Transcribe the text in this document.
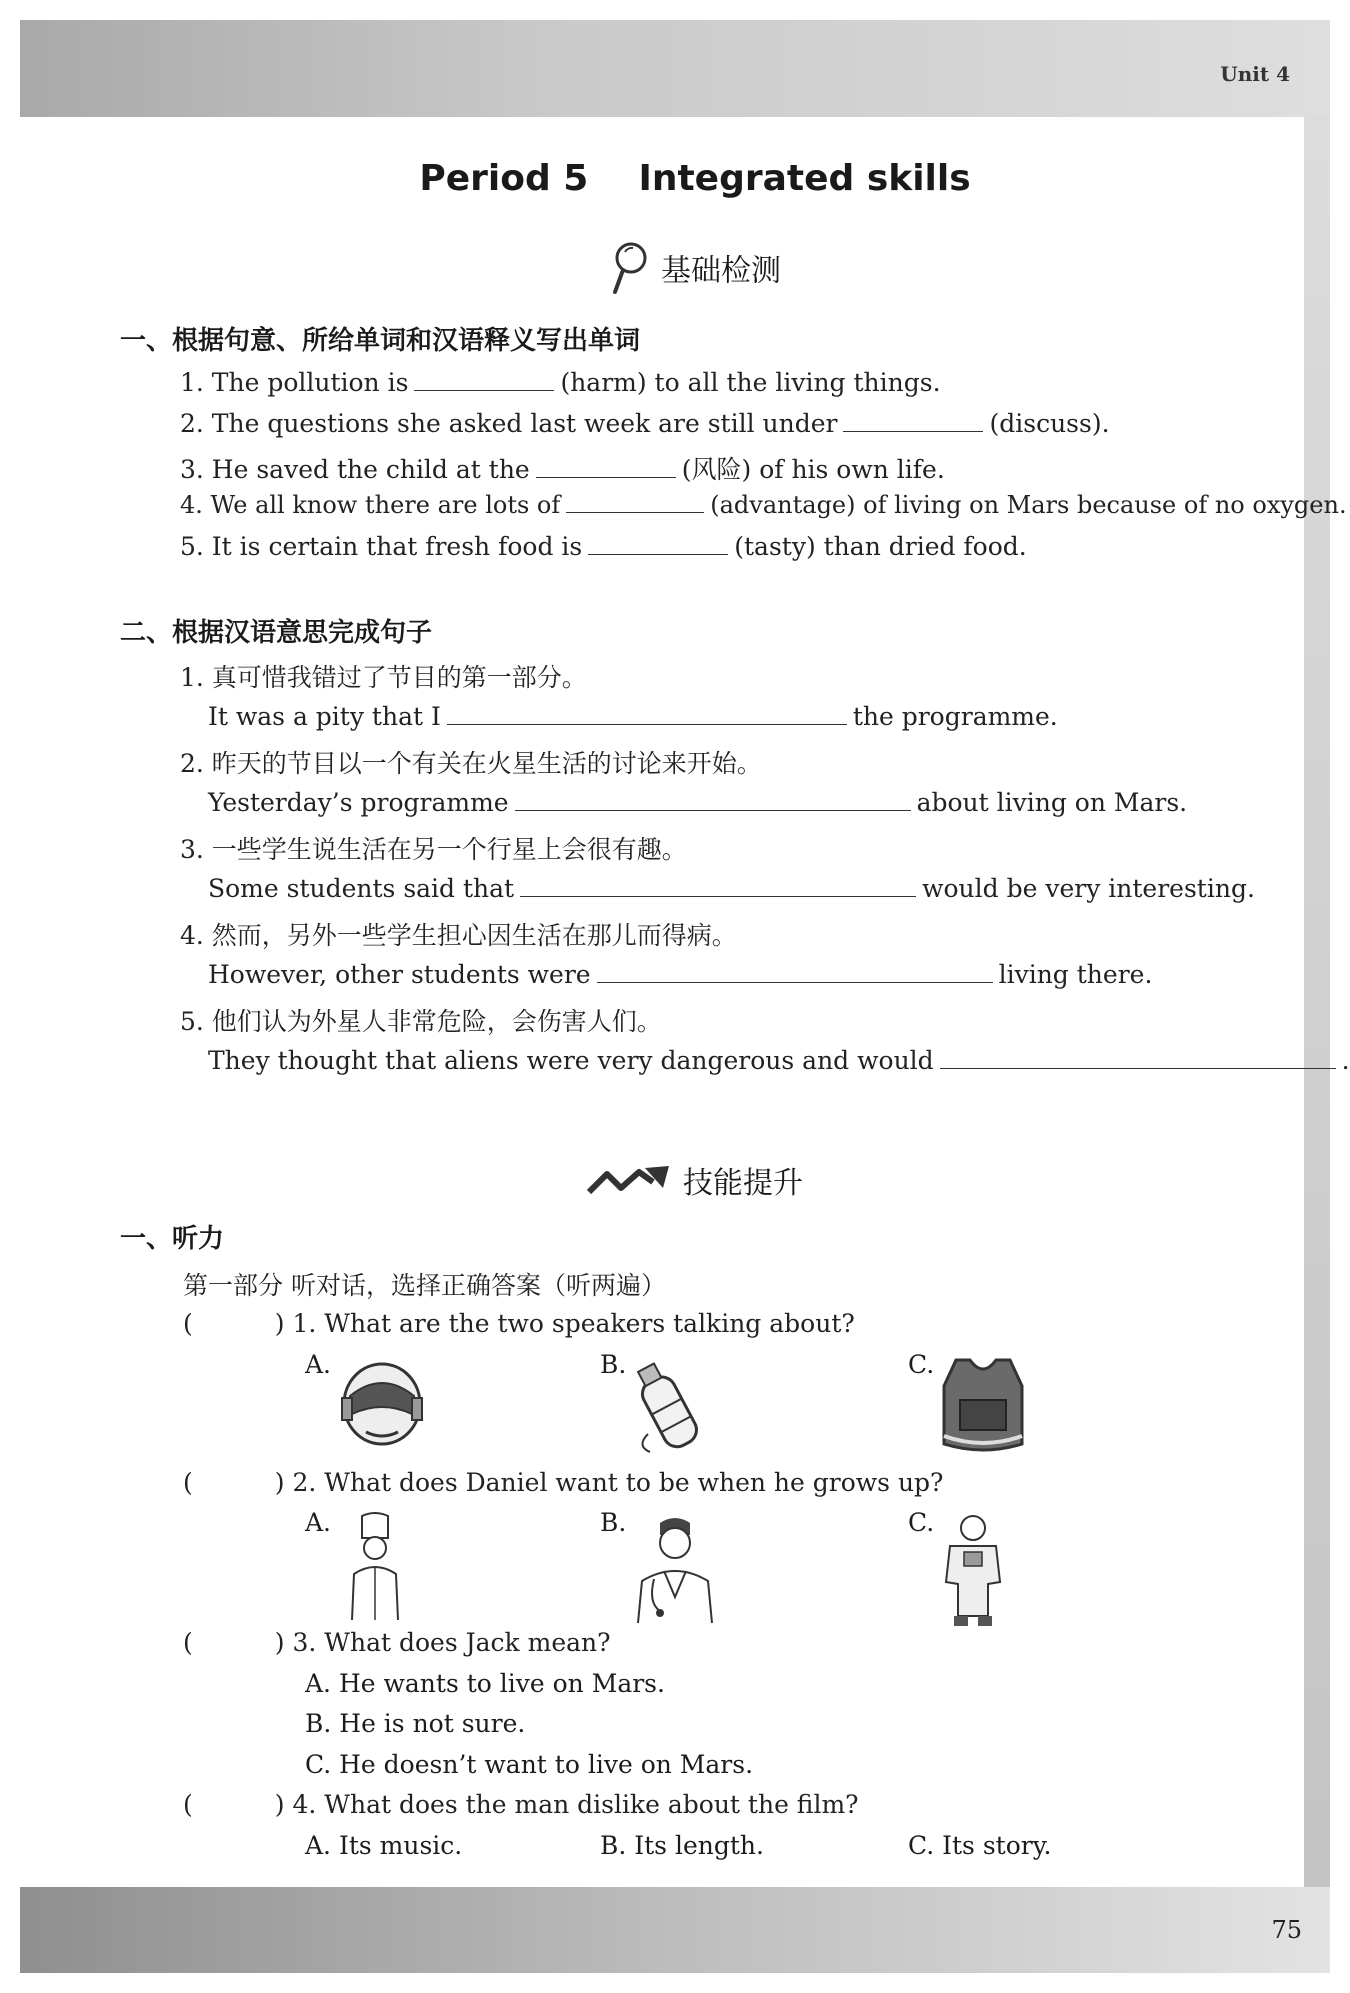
Unit 4
75
Period 5    Integrated skills
基础检测
一、根据句意、所给单词和汉语释义写出单词
1. The pollution is	(harm) to all the living things.
2. The questions she asked last week are still under	(discuss).
3. He saved the child at the	(风险) of his own life.
4. We all know there are lots of	(advantage) of living on Mars because of no oxygen.
5. It is certain that fresh food is	(tasty) than dried food.
二、根据汉语意思完成句子
1. 真可惜我错过了节目的第一部分。
It was a pity that I	the programme.
2. 昨天的节目以一个有关在火星生活的讨论来开始。
Yesterday’s programme	about living on Mars.
3. 一些学生说生活在另一个行星上会很有趣。
Some students said that	would be very interesting.
4. 然而，另外一些学生担心因生活在那儿而得病。
However, other students were	living there.
5. 他们认为外星人非常危险，会伤害人们。
They thought that aliens were very dangerous and would	.
技能提升
一、听力
第一部分 听对话，选择正确答案（听两遍）
(	) 1. What are the two speakers talking about?
A.	B.	C.
(	) 2. What does Daniel want to be when he grows up?
A.	B.	C.
(	) 3. What does Jack mean?
A. He wants to live on Mars.
B. He is not sure.
C. He doesn’t want to live on Mars.
(	) 4. What does the man dislike about the film?
A. Its music.	B. Its length.	C. Its story.
